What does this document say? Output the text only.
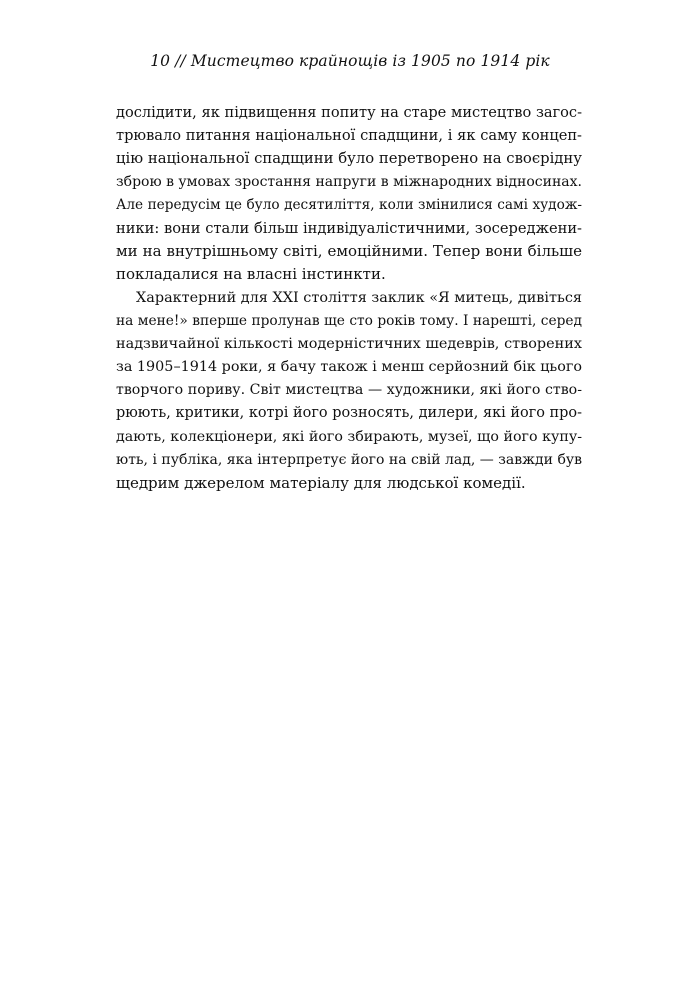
10 // Мистецтво крайнощів із 1905 по 1914 рік
дослідити, як підвищення попиту на старе мистецтво загос-
трювало питання національної спадщини, і як саму концеп-
цію національної спадщини було перетворено на своєрідну
зброю в умовах зростання напруги в міжнародних відносинах.
Але передусім це було десятиліття, коли змінилися самі худож-
ники: вони стали більш індивідуалістичними, зосереджени-
ми на внутрішньому світі, емоційними. Тепер вони більше
покладалися на власні інстинкти.
Характерний для XXI століття заклик «Я митець, дивіться
на мене!» вперше пролунав ще сто років тому. І нарешті, серед
надзвичайної кількості модерністичних шедеврів, створених
за 1905–1914 роки, я бачу також і менш серйозний бік цього
творчого пориву. Світ мистецтва — художники, які його ство-
рюють, критики, котрі його розносять, дилери, які його про-
дають, колекціонери, які його збирають, музеї, що його купу-
ють, і публіка, яка інтерпретує його на свій лад, — завжди був
щедрим джерелом матеріалу для людської комедії.
